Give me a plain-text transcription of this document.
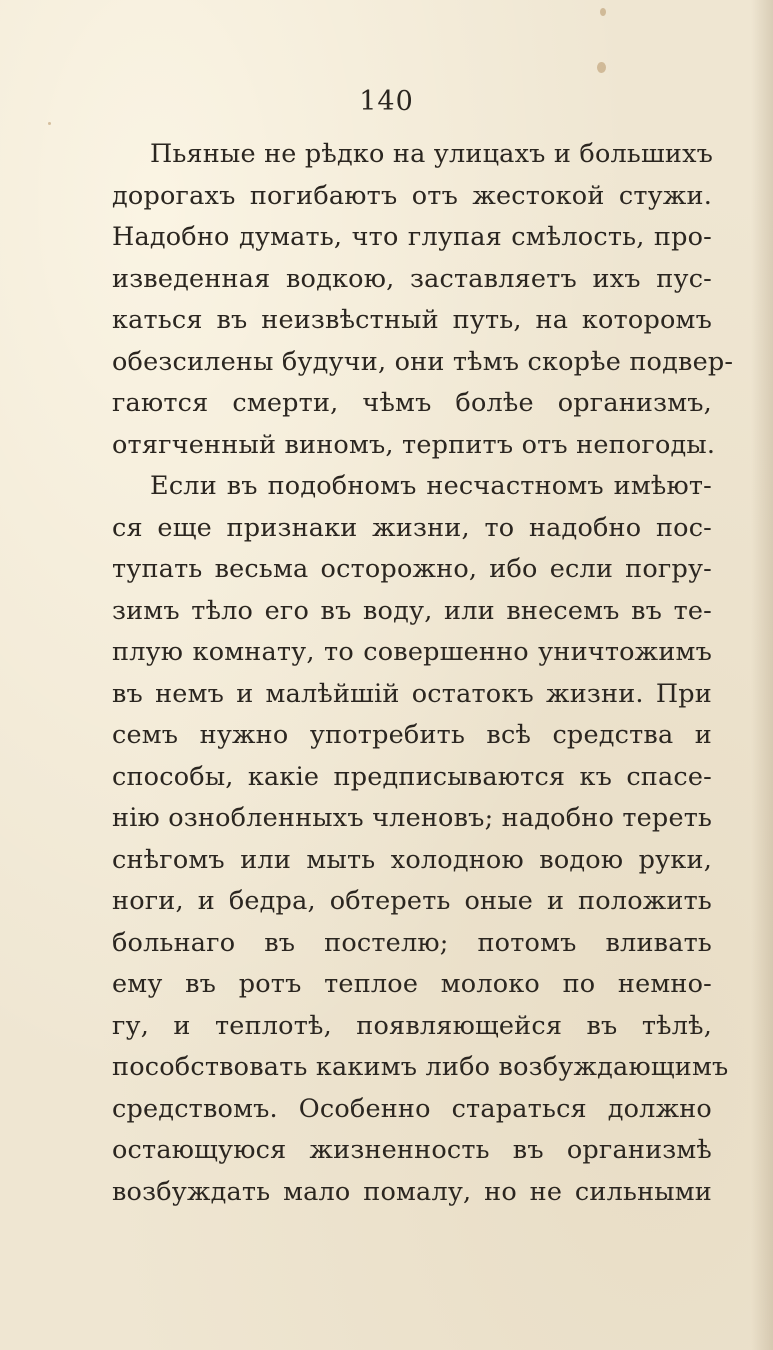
140
Пьяные не рѣдко на улицахъ и большихъ
дорогахъ погибаютъ отъ жестокой стужи.
Надобно думать, что глупая смѣлость, про-
изведенная водкою, заставляетъ ихъ пус-
каться въ неизвѣстный путь, на которомъ
обезсилены будучи, они тѣмъ скорѣе подвер-
гаются смерти, чѣмъ болѣе организмъ,
отягченный виномъ, терпитъ отъ непогоды.
Если въ подобномъ несчастномъ имѣют-
ся еще признаки жизни, то надобно пос-
тупать весьма осторожно, ибо если погру-
зимъ тѣло его въ воду, или внесемъ въ те-
плую комнату, то совершенно уничтожимъ
въ немъ и малѣйшій остатокъ жизни. При
семъ нужно употребить всѣ средства и
способы, какіе предписываются къ спасе-
нію ознобленныхъ членовъ; надобно тереть
снѣгомъ или мыть холодною водою руки,
ноги, и бедра, обтереть оные и положить
больнаго въ постелю; потомъ вливать
ему въ ротъ теплое молоко по немно-
гу, и теплотѣ, появляющейся въ тѣлѣ,
пособствовать какимъ либо возбуждающимъ
средствомъ. Особенно стараться должно
остающуюся жизненность въ организмѣ
возбуждать мало помалу, но не сильными
